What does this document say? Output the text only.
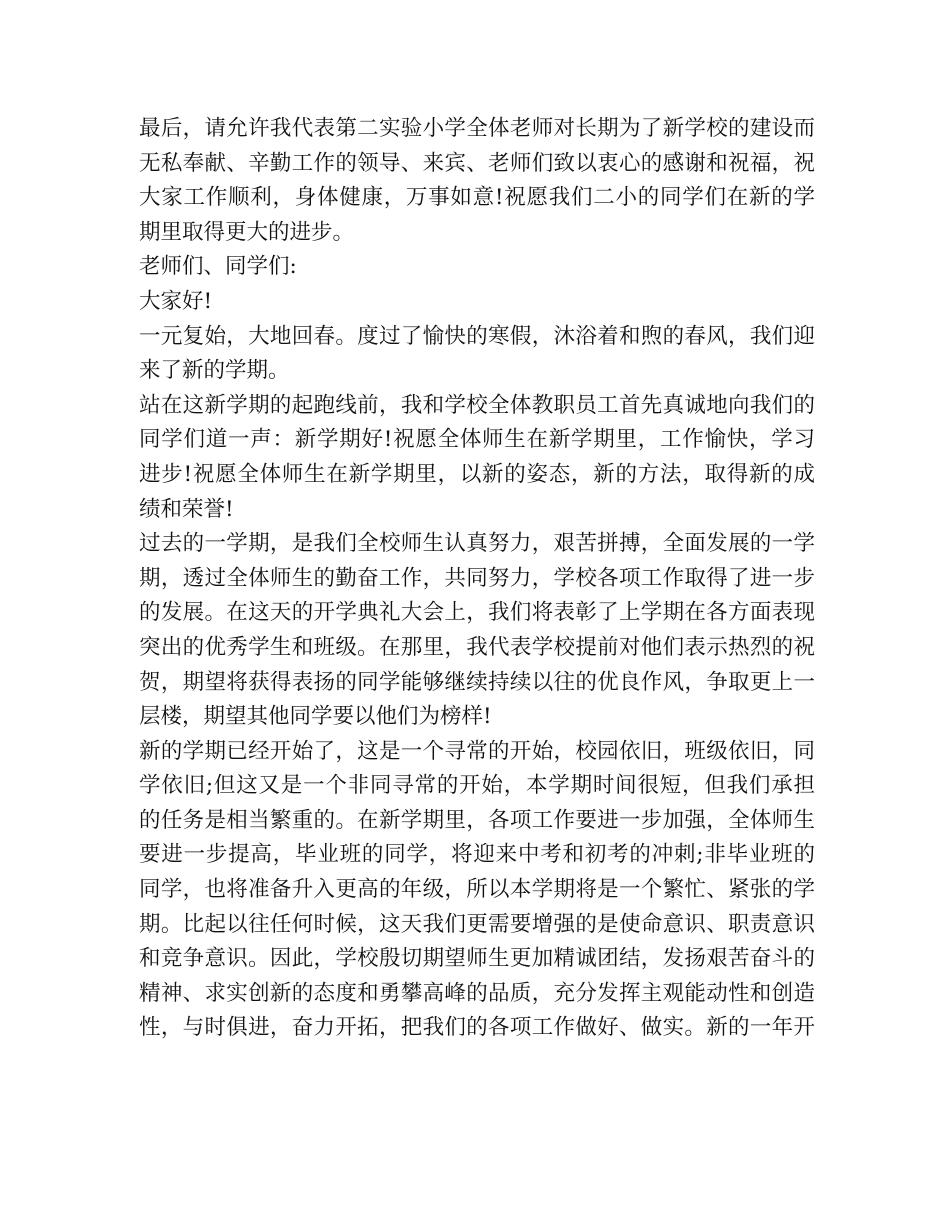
最后，请允许我代表第二实验小学全体老师对长期为了新学校的建设而
无私奉献、辛勤工作的领导、来宾、老师们致以衷心的感谢和祝福，祝
大家工作顺利，身体健康，万事如意!祝愿我们二小的同学们在新的学
期里取得更大的进步。
老师们、同学们:
大家好!
一元复始，大地回春。度过了愉快的寒假，沐浴着和煦的春风，我们迎
来了新的学期。
站在这新学期的起跑线前，我和学校全体教职员工首先真诚地向我们的
同学们道一声：新学期好!祝愿全体师生在新学期里，工作愉快，学习
进步!祝愿全体师生在新学期里，以新的姿态，新的方法，取得新的成
绩和荣誉!
过去的一学期，是我们全校师生认真努力，艰苦拼搏，全面发展的一学
期，透过全体师生的勤奋工作，共同努力，学校各项工作取得了进一步
的发展。在这天的开学典礼大会上，我们将表彰了上学期在各方面表现
突出的优秀学生和班级。在那里，我代表学校提前对他们表示热烈的祝
贺，期望将获得表扬的同学能够继续持续以往的优良作风，争取更上一
层楼，期望其他同学要以他们为榜样!
新的学期已经开始了，这是一个寻常的开始，校园依旧，班级依旧，同
学依旧;但这又是一个非同寻常的开始，本学期时间很短，但我们承担
的任务是相当繁重的。在新学期里，各项工作要进一步加强，全体师生
要进一步提高，毕业班的同学，将迎来中考和初考的冲刺;非毕业班的
同学，也将准备升入更高的年级，所以本学期将是一个繁忙、紧张的学
期。比起以往任何时候，这天我们更需要增强的是使命意识、职责意识
和竞争意识。因此，学校殷切期望师生更加精诚团结，发扬艰苦奋斗的
精神、求实创新的态度和勇攀高峰的品质，充分发挥主观能动性和创造
性，与时俱进，奋力开拓，把我们的各项工作做好、做实。新的一年开
